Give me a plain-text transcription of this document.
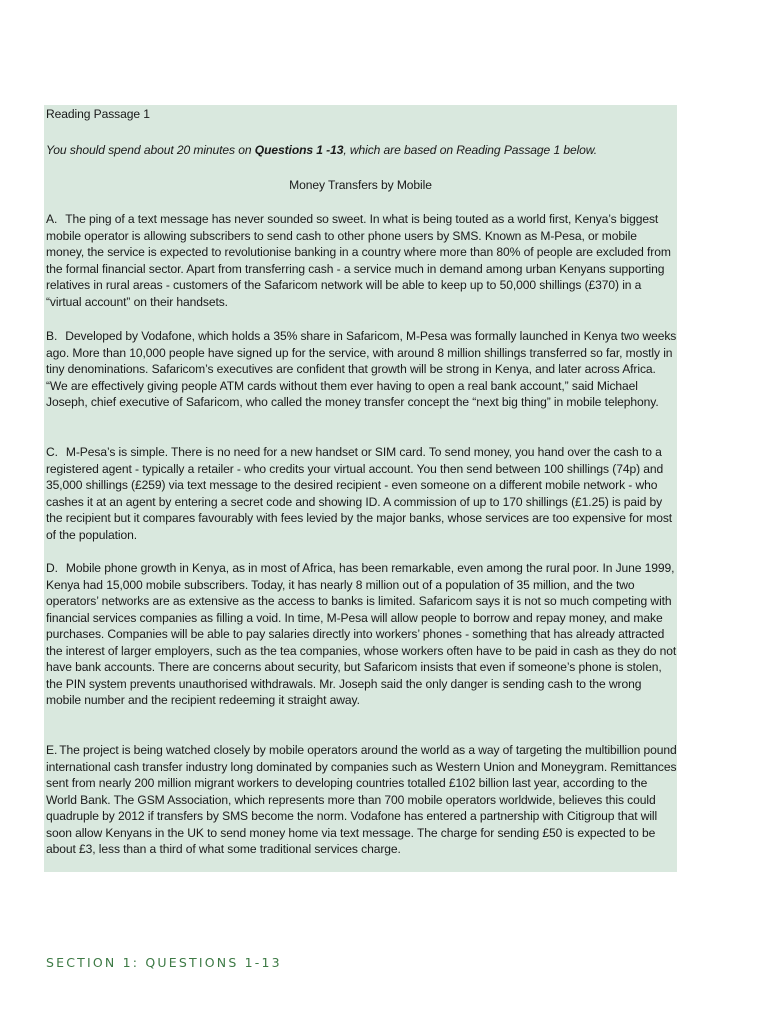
Reading Passage 1
You should spend about 20 minutes on Questions 1 -13, which are based on Reading Passage 1 below.
Money Transfers by Mobile

A. The ping of a text message has never sounded so sweet. In what is being touted as a world first, Kenya’s biggest mobile operator is allowing subscribers to send cash to other phone users by SMS. Known as M-Pesa, or mobile money, the service is expected to revolutionise banking in a country where more than 80% of people are excluded from the formal financial sector. Apart from transferring cash - a service much in demand among urban Kenyans supporting relatives in rural areas - customers of the Safaricom network will be able to keep up to 50,000 shillings (£370) in a “virtual account” on their handsets.

B. Developed by Vodafone, which holds a 35% share in Safaricom, M-Pesa was formally launched in Kenya two weeks ago. More than 10,000 people have signed up for the service, with around 8 million shillings transferred so far, mostly in tiny denominations. Safaricom’s executives are confident that growth will be strong in Kenya, and later across Africa. “We are effectively giving people ATM cards without them ever having to open a real bank account,” said Michael Joseph, chief executive of Safaricom, who called the money transfer concept the “next big thing” in mobile telephony.

C. M-Pesa’s is simple. There is no need for a new handset or SIM card. To send money, you hand over the cash to a registered agent - typically a retailer - who credits your virtual account. You then send between 100 shillings (74p) and 35,000 shillings (£259) via text message to the desired recipient - even someone on a different mobile network - who cashes it at an agent by entering a secret code and showing ID. A commission of up to 170 shillings (£1.25) is paid by the recipient but it compares favourably with fees levied by the major banks, whose services are too expensive for most of the population.

D. Mobile phone growth in Kenya, as in most of Africa, has been remarkable, even among the rural poor. In June 1999, Kenya had 15,000 mobile subscribers. Today, it has nearly 8 million out of a population of 35 million, and the two operators’ networks are as extensive as the access to banks is limited. Safaricom says it is not so much competing with financial services companies as filling a void. In time, M-Pesa will allow people to borrow and repay money, and make purchases. Companies will be able to pay salaries directly into workers’ phones - something that has already attracted the interest of larger employers, such as the tea companies, whose workers often have to be paid in cash as they do not have bank accounts. There are concerns about security, but Safaricom insists that even if someone’s phone is stolen, the PIN system prevents unauthorised withdrawals. Mr. Joseph said the only danger is sending cash to the wrong mobile number and the recipient redeeming it straight away.

E. The project is being watched closely by mobile operators around the world as a way of targeting the multibillion pound international cash transfer industry long dominated by companies such as Western Union and Moneygram. Remittances sent from nearly 200 million migrant workers to developing countries totalled £102 billion last year, according to the World Bank. The GSM Association, which represents more than 700 mobile operators worldwide, believes this could quadruple by 2012 if transfers by SMS become the norm. Vodafone has entered a partnership with Citigroup that will soon allow Kenyans in the UK to send money home via text message. The charge for sending £50 is expected to be about £3, less than a third of what some traditional services charge.

SECTION 1: QUESTIONS 1-13
